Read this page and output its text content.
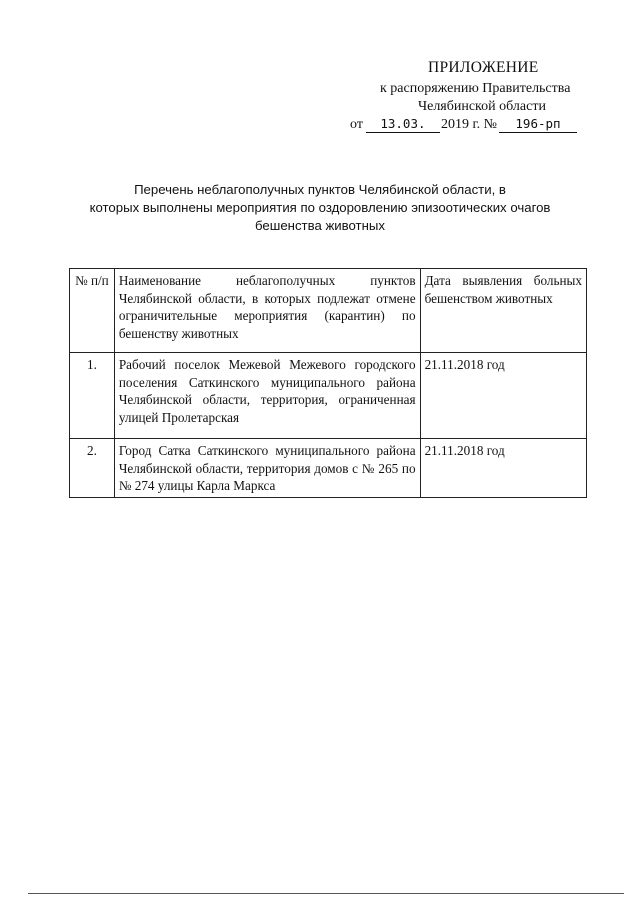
ПРИЛОЖЕНИЕ
к распоряжению Правительства
Челябинской области
от	13.03.	2019 г. №	196-рп
Перечень неблагополучных пунктов Челябинской области, в
которых выполнены мероприятия по оздоровлению эпизоотических очагов
бешенства животных
№ п/п	Наименование неблагополучных пунктов Челябинской области, в которых подлежат отмене ограничительные мероприятия (карантин) по бешенству животных	Дата выявления больных бешенством животных
1.	Рабочий поселок Межевой Межевого городского поселения Саткинского муниципального района Челябинской области, территория, ограниченная улицей Пролетарская	21.11.2018 год
2.	Город Сатка Саткинского муниципального района Челябинской области, территория домов с № 265 по № 274 улицы Карла Маркса	21.11.2018 год
